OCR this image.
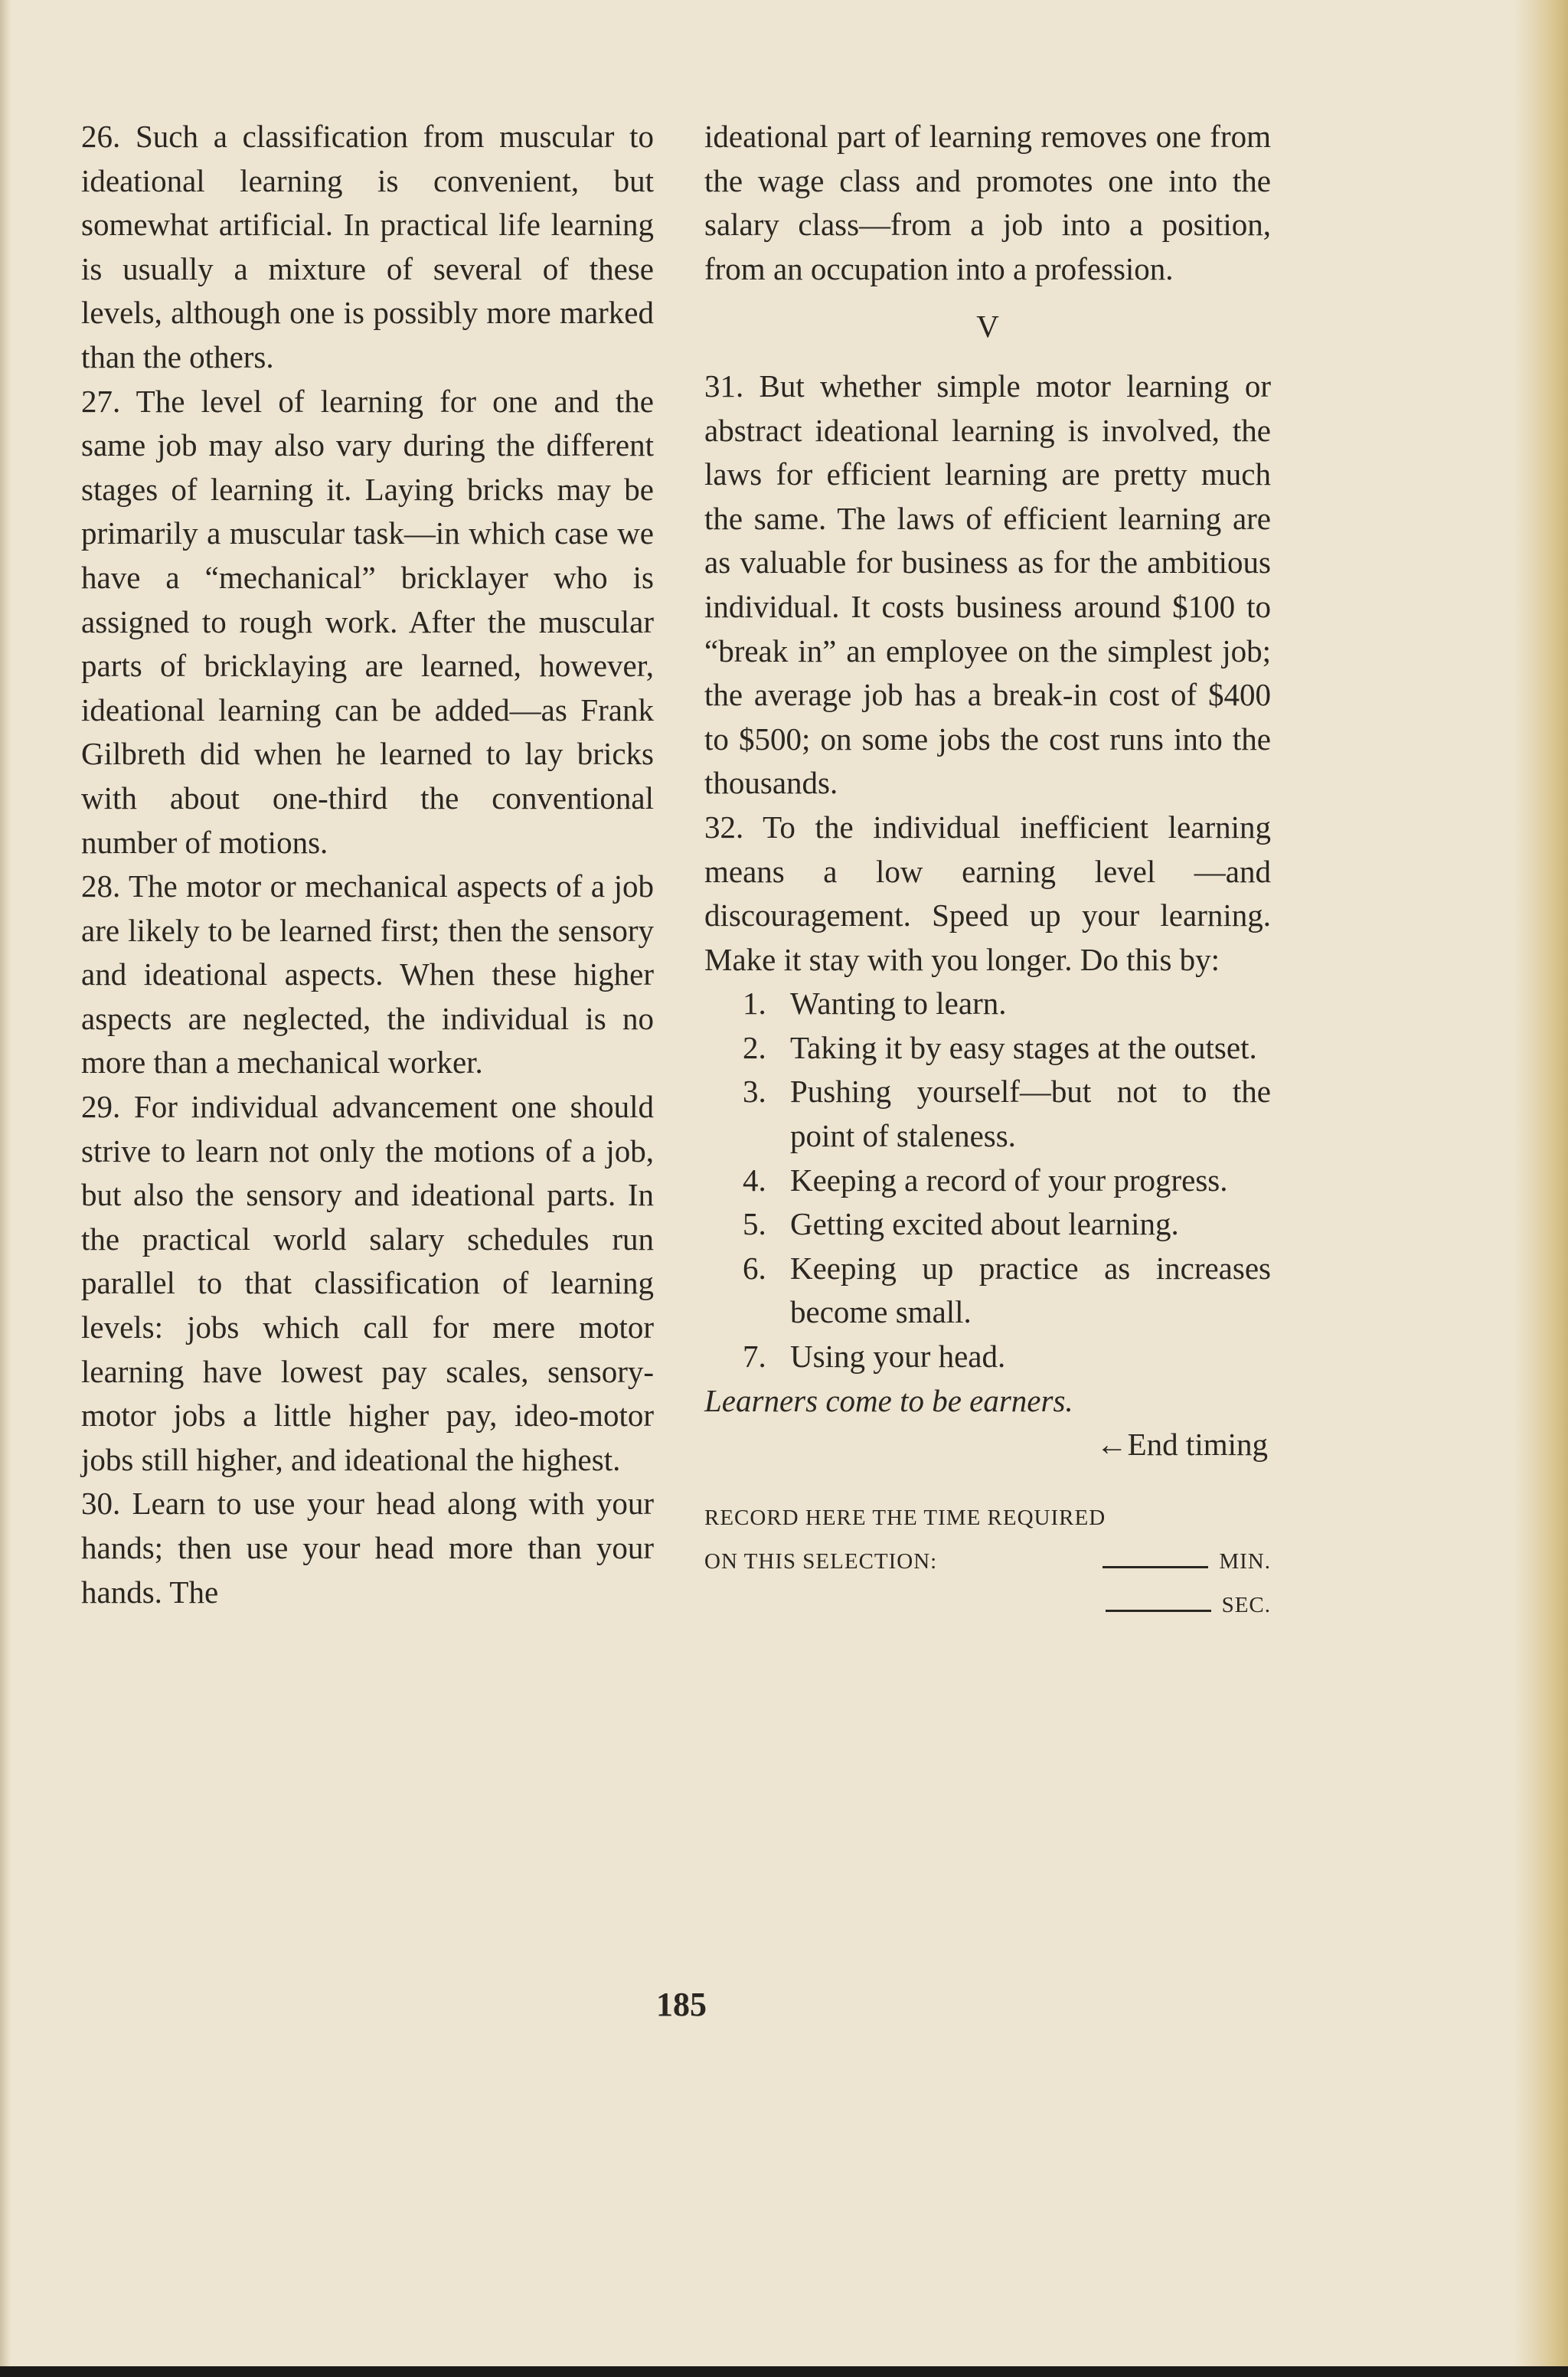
26. Such a classification from muscular to ideational learning is convenient, but somewhat artificial. In practical life learning is usually a mixture of several of these levels, although one is possibly more marked than the others.

27. The level of learning for one and the same job may also vary during the different stages of learning it. Laying bricks may be primarily a muscular task—in which case we have a “mechanical” bricklayer who is assigned to rough work. After the muscular parts of bricklaying are learned, however, ideational learning can be added—as Frank Gilbreth did when he learned to lay bricks with about one-third the conventional number of motions.

28. The motor or mechanical aspects of a job are likely to be learned first; then the sensory and ideational aspects. When these higher aspects are neglected, the individual is no more than a mechanical worker.

29. For individual advancement one should strive to learn not only the motions of a job, but also the sensory and ideational parts. In the practical world salary schedules run parallel to that classification of learning levels: jobs which call for mere motor learning have lowest pay scales, sensory-motor jobs a little higher pay, ideo-motor jobs still higher, and ideational the highest.

30. Learn to use your head along with your hands; then use your head more than your hands. The

ideational part of learning removes one from the wage class and promotes one into the salary class—from a job into a position, from an occupation into a profession.

V

31. But whether simple motor learning or abstract ideational learning is involved, the laws for efficient learning are pretty much the same. The laws of efficient learning are as valuable for business as for the ambitious individual. It costs business around $100 to “break in” an employee on the simplest job; the average job has a break-in cost of $400 to $500; on some jobs the cost runs into the thousands.

32. To the individual inefficient learning means a low earning level —and discouragement. Speed up your learning. Make it stay with you longer. Do this by:

1. Wanting to learn.
2. Taking it by easy stages at the outset.
3. Pushing yourself—but not to the point of staleness.
4. Keeping a record of your progress.
5. Getting excited about learning.
6. Keeping up practice as increases become small.
7. Using your head.

Learners come to be earners.

←End timing

RECORD HERE THE TIME REQUIRED
ON THIS SELECTION:	MIN.
SEC.
185
